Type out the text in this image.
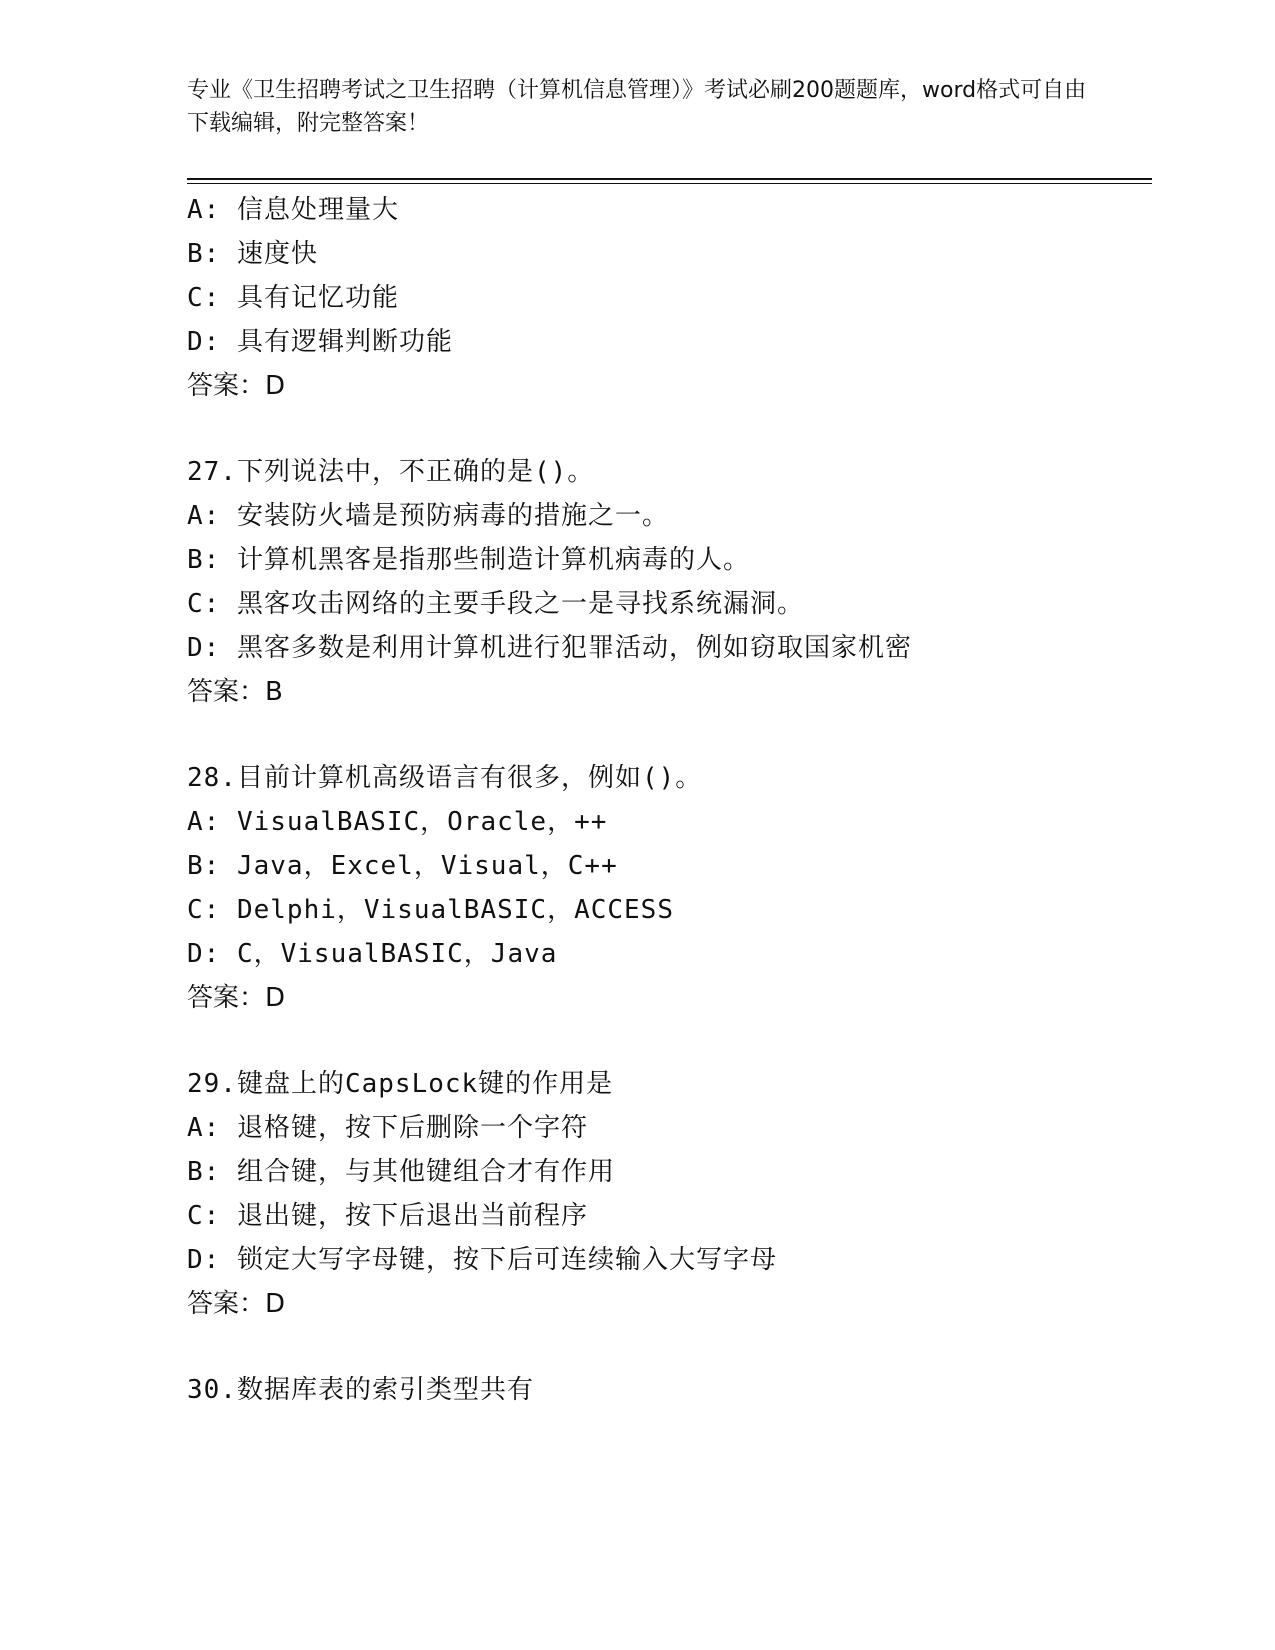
专业《卫生招聘考试之卫生招聘（计算机信息管理）》考试必刷200题题库，word格式可自由下载编辑，附完整答案！
A: 信息处理量大
B: 速度快
C: 具有记忆功能
D: 具有逻辑判断功能
答案：D
27.下列说法中，不正确的是()。
A: 安装防火墙是预防病毒的措施之一。
B: 计算机黑客是指那些制造计算机病毒的人。
C: 黑客攻击网络的主要手段之一是寻找系统漏洞。
D: 黑客多数是利用计算机进行犯罪活动，例如窃取国家机密
答案：B
28.目前计算机高级语言有很多，例如()。
A: VisualBASIC，Oracle，++
B: Java，Excel，Visual，C++
C: Delphi，VisualBASIC，ACCESS
D: C，VisualBASIC，Java
答案：D
29.键盘上的CapsLock键的作用是
A: 退格键，按下后删除一个字符
B: 组合键，与其他键组合才有作用
C: 退出键，按下后退出当前程序
D: 锁定大写字母键，按下后可连续输入大写字母
答案：D
30.数据库表的索引类型共有
